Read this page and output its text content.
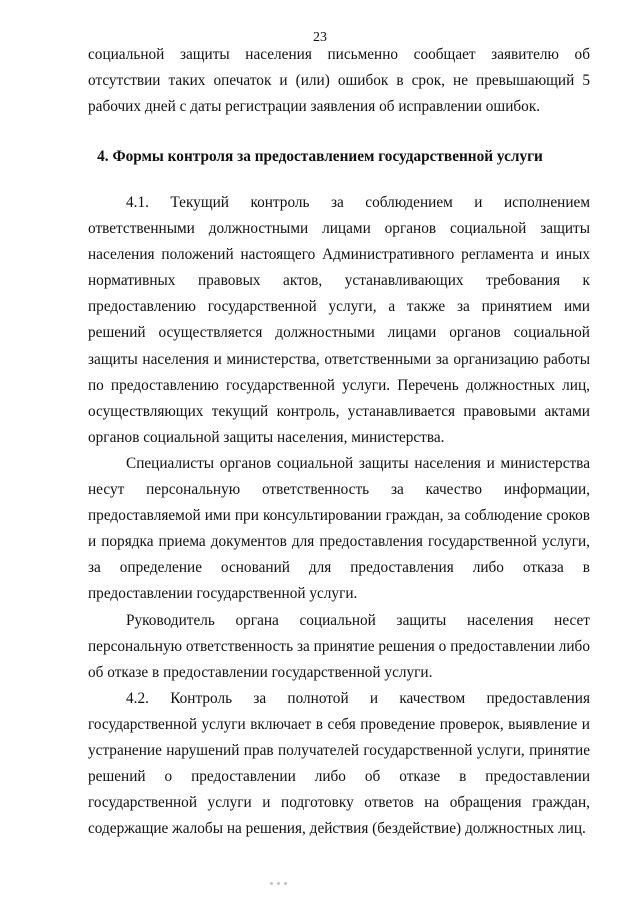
23

социальной защиты населения письменно сообщает заявителю об отсутствии таких опечаток и (или) ошибок в срок, не превышающий 5 рабочих дней с даты регистрации заявления об исправлении ошибок.

4. Формы контроля за предоставлением государственной услуги

4.1. Текущий контроль за соблюдением и исполнением ответственными должностными лицами органов социальной защиты населения положений настоящего Административного регламента и иных нормативных правовых актов, устанавливающих требования к предоставлению государственной услуги, а также за принятием ими решений осуществляется должностными лицами органов социальной защиты населения и министерства, ответственными за организацию работы по предоставлению государственной услуги. Перечень должностных лиц, осуществляющих текущий контроль, устанавливается правовыми актами органов социальной защиты населения, министерства.

Специалисты органов социальной защиты населения и министерства несут персональную ответственность за качество информации, предоставляемой ими при консультировании граждан, за соблюдение сроков и порядка приема документов для предоставления государственной услуги, за определение оснований для предоставления либо отказа в предоставлении государственной услуги.

Руководитель органа социальной защиты населения несет персональную ответственность за принятие решения о предоставлении либо об отказе в предоставлении государственной услуги.

4.2. Контроль за полнотой и качеством предоставления государственной услуги включает в себя проведение проверок, выявление и устранение нарушений прав получателей государственной услуги, принятие решений о предоставлении либо об отказе в предоставлении государственной услуги и подготовку ответов на обращения граждан, содержащие жалобы на решения, действия (бездействие) должностных лиц.
